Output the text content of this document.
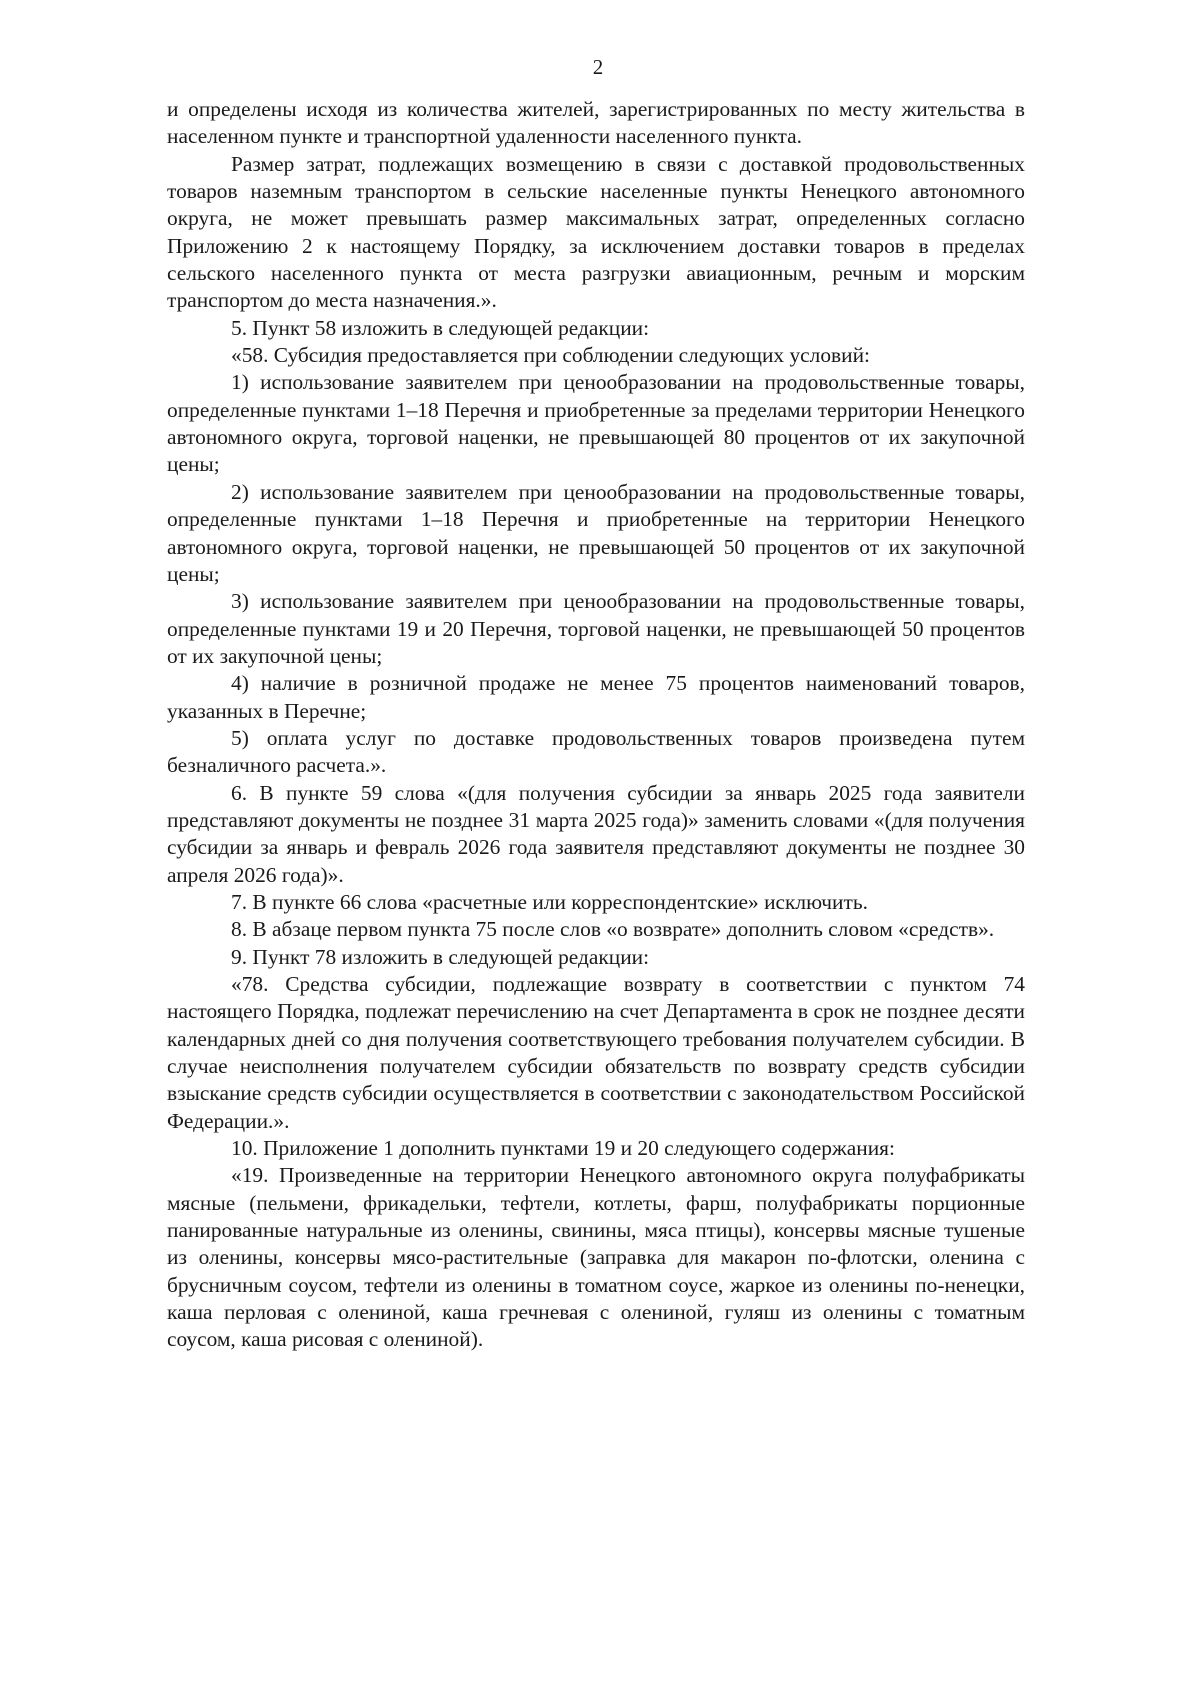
2

и определены исходя из количества жителей, зарегистрированных по месту жительства в населенном пункте и транспортной удаленности населенного пункта.

Размер затрат, подлежащих возмещению в связи с доставкой продовольственных товаров наземным транспортом в сельские населенные пункты Ненецкого автономного округа, не может превышать размер максимальных затрат, определенных согласно Приложению 2 к настоящему Порядку, за исключением доставки товаров в пределах сельского населенного пункта от места разгрузки авиационным, речным и морским транспортом до места назначения.».

5. Пункт 58 изложить в следующей редакции:

«58. Субсидия предоставляется при соблюдении следующих условий:

1) использование заявителем при ценообразовании на продовольственные товары, определенные пунктами 1–18 Перечня и приобретенные за пределами территории Ненецкого автономного округа, торговой наценки, не превышающей 80 процентов от их закупочной цены;

2) использование заявителем при ценообразовании на продовольственные товары, определенные пунктами 1–18 Перечня и приобретенные на территории Ненецкого автономного округа, торговой наценки, не превышающей 50 процентов от их закупочной цены;

3) использование заявителем при ценообразовании на продовольственные товары, определенные пунктами 19 и 20 Перечня, торговой наценки, не превышающей 50 процентов от их закупочной цены;

4) наличие в розничной продаже не менее 75 процентов наименований товаров, указанных в Перечне;

5) оплата услуг по доставке продовольственных товаров произведена путем безналичного расчета.».

6. В пункте 59 слова «(для получения субсидии за январь 2025 года заявители представляют документы не позднее 31 марта 2025 года)» заменить словами «(для получения субсидии за январь и февраль 2026 года заявителя представляют документы не позднее 30 апреля 2026 года)».

7. В пункте 66 слова «расчетные или корреспондентские» исключить.

8. В абзаце первом пункта 75 после слов «о возврате» дополнить словом «средств».

9. Пункт 78 изложить в следующей редакции:

«78. Средства субсидии, подлежащие возврату в соответствии с пунктом 74 настоящего Порядка, подлежат перечислению на счет Департамента в срок не позднее десяти календарных дней со дня получения соответствующего требования получателем субсидии. В случае неисполнения получателем субсидии обязательств по возврату средств субсидии взыскание средств субсидии осуществляется в соответствии с законодательством Российской Федерации.».

10. Приложение 1 дополнить пунктами 19 и 20 следующего содержания:

«19. Произведенные на территории Ненецкого автономного округа полуфабрикаты мясные (пельмени, фрикадельки, тефтели, котлеты, фарш, полуфабрикаты порционные панированные натуральные из оленины, свинины, мяса птицы), консервы мясные тушеные из оленины, консервы мясо-растительные (заправка для макарон по-флотски, оленина с брусничным соусом, тефтели из оленины в томатном соусе, жаркое из оленины по-ненецки, каша перловая с олениной, каша гречневая с олениной, гуляш из оленины с томатным соусом, каша рисовая с олениной).
